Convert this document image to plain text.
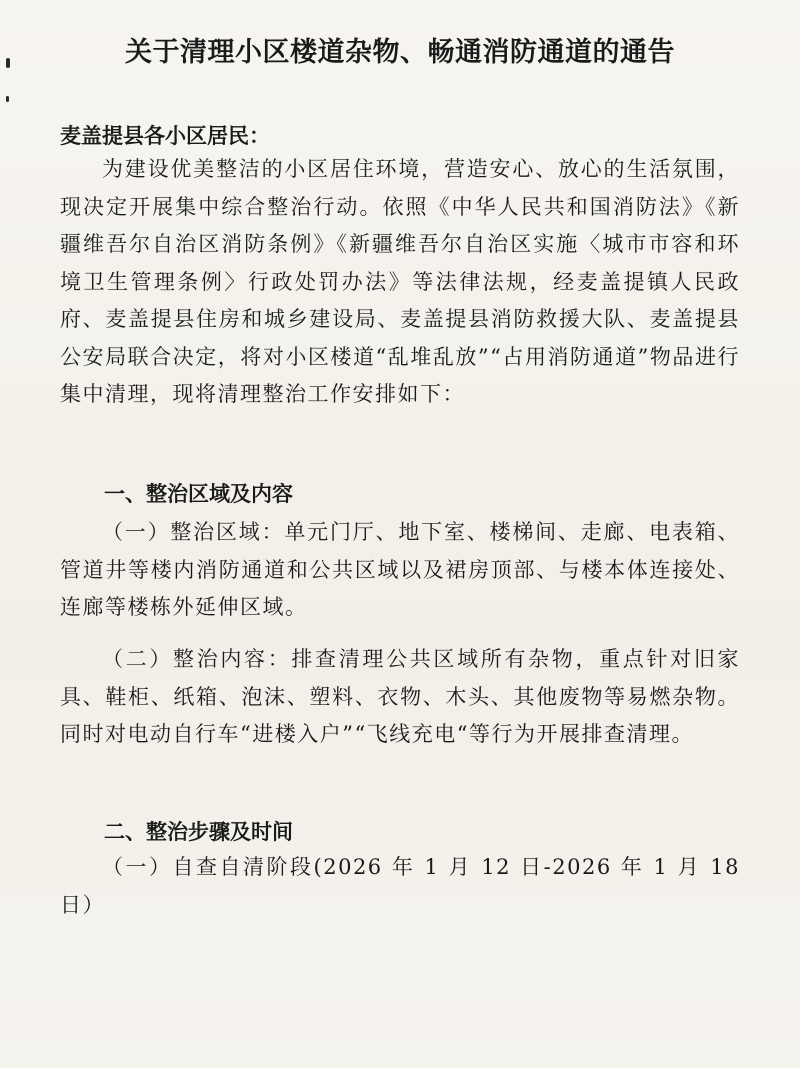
关于清理小区楼道杂物、畅通消防通道的通告
麦盖提县各小区居民：

为建设优美整洁的小区居住环境，营造安心、放心的生活氛围，现决定开展集中综合整治行动。依照《中华人民共和国消防法》《新疆维吾尔自治区消防条例》《新疆维吾尔自治区实施〈城市市容和环境卫生管理条例〉行政处罚办法》等法律法规，经麦盖提镇人民政府、麦盖提县住房和城乡建设局、麦盖提县消防救援大队、麦盖提县公安局联合决定，将对小区楼道“乱堆乱放”“占用消防通道”物品进行集中清理，现将清理整治工作安排如下：

一、整治区域及内容

（一）整治区域：单元门厅、地下室、楼梯间、走廊、电表箱、管道井等楼内消防通道和公共区域以及裙房顶部、与楼本体连接处、连廊等楼栋外延伸区域。

（二）整治内容：排查清理公共区域所有杂物，重点针对旧家具、鞋柜、纸箱、泡沫、塑料、衣物、木头、其他废物等易燃杂物。同时对电动自行车“进楼入户”“飞线充电“等行为开展排查清理。

二、整治步骤及时间

（一）自查自清阶段(2026 年 1 月 12 日-2026 年 1 月 18 日）
